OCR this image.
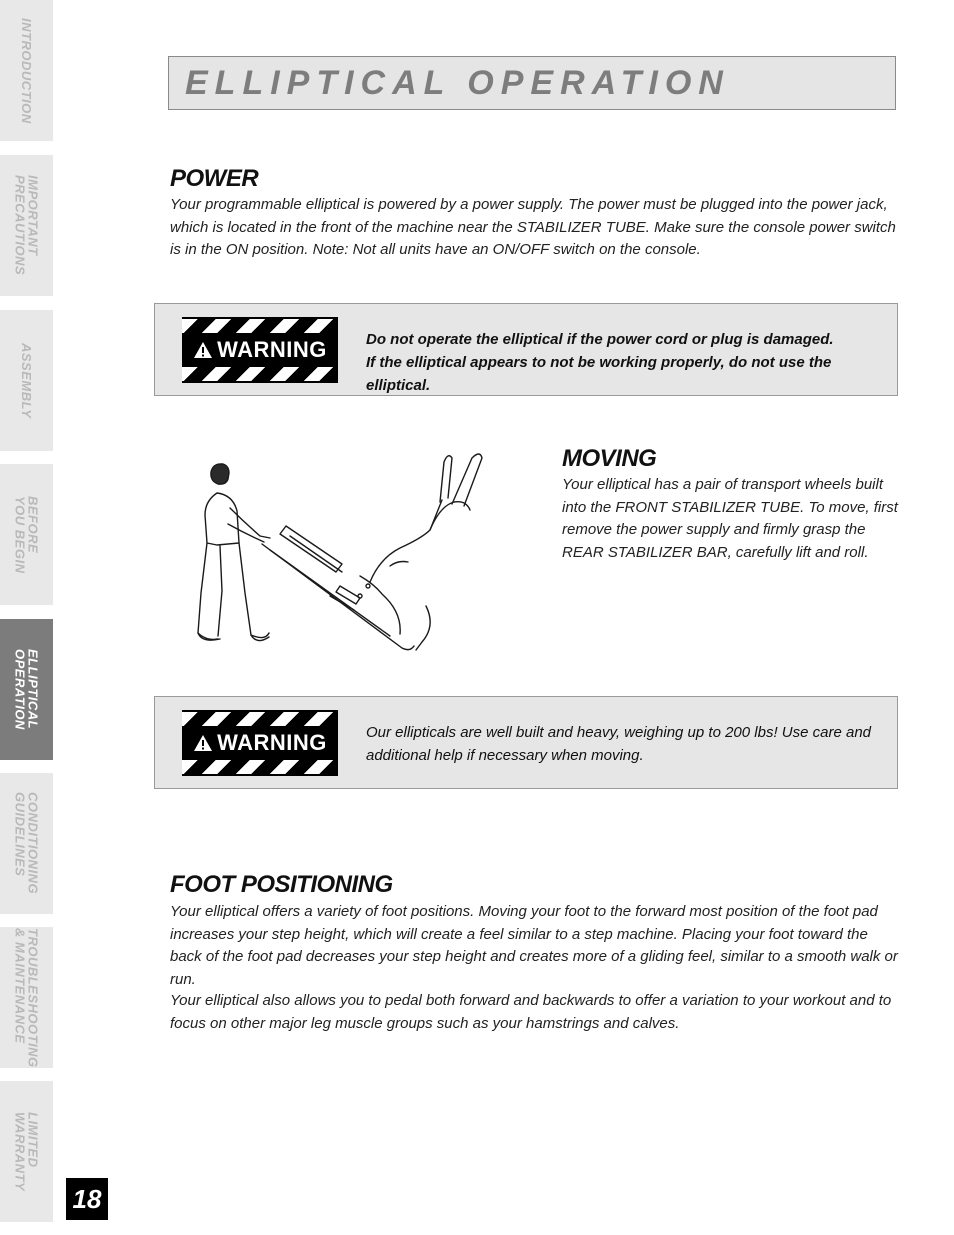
INTRODUCTION
IMPORTANT
PRECAUTIONS
ASSEMBLY
BEFORE
YOU BEGIN
ELLIPTICAL
OPERATION
CONDITIONING
GUIDELINES
TROUBLESHOOTING
& MAINTENANCE
LIMITED
WARRANTY
18
ELLIPTICAL OPERATION
POWER

Your programmable elliptical is powered by a power supply. The power must be plugged into the power jack, which is located in the front of the machine near the STABILIZER TUBE. Make sure the console power switch is in the ON position. Note: Not all units have an ON/OFF switch on the console.

WARNING	Do not operate the elliptical if the power cord or plug is damaged.
If the elliptical appears to not be working properly, do not use the elliptical.
MOVING

Your elliptical has a pair of transport wheels built into the FRONT STABILIZER TUBE. To move, first remove the power supply and firmly grasp the REAR STABILIZER BAR, carefully lift and roll.

WARNING	Our ellipticals are well built and heavy, weighing up to 200 lbs! Use care and additional help if necessary when moving.
FOOT POSITIONING

Your elliptical offers a variety of foot positions. Moving your foot to the forward most position of the foot pad increases your step height, which will create a feel similar to a step machine. Placing your foot toward the back of the foot pad decreases your step height and creates more of a gliding feel, similar to a smooth walk or run.

Your elliptical also allows you to pedal both forward and backwards to offer a variation to your workout and to focus on other major leg muscle groups such as your hamstrings and calves.
